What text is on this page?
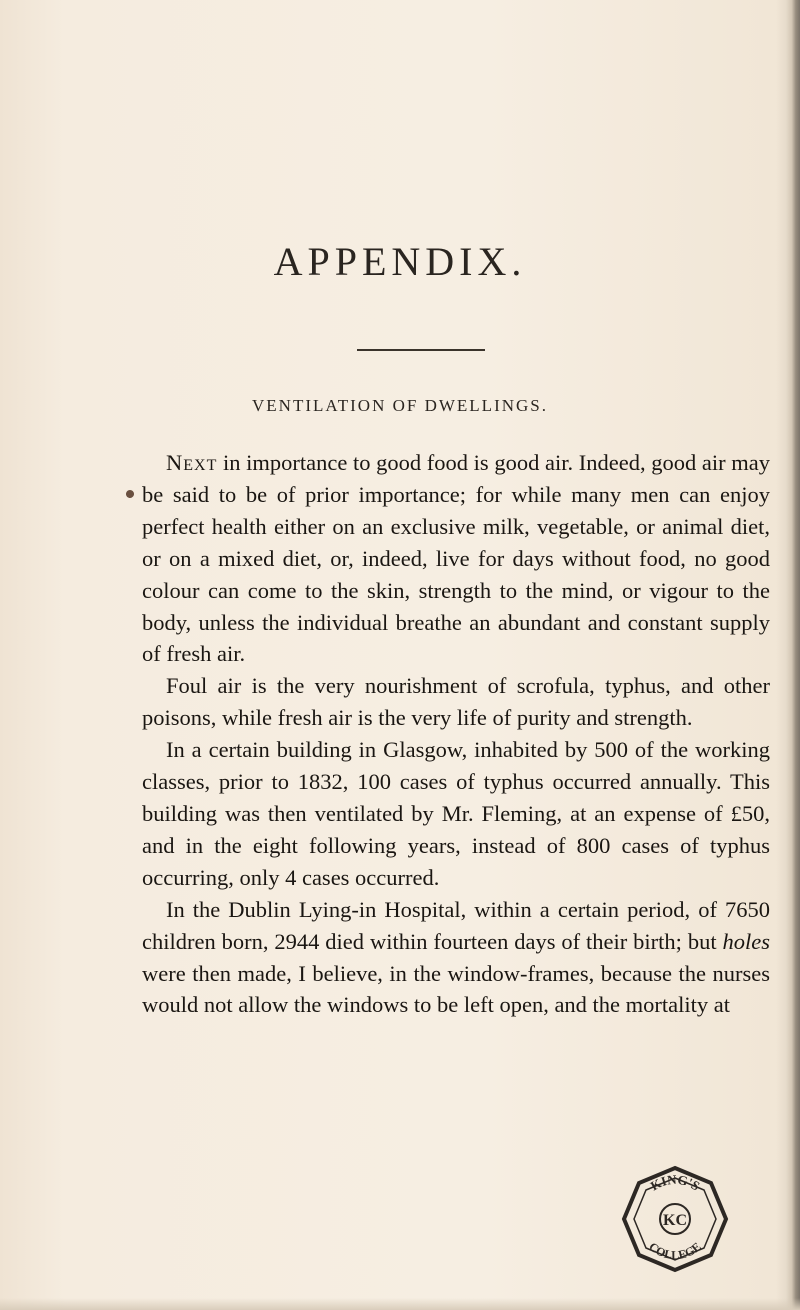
APPENDIX.
VENTILATION OF DWELLINGS.

Next in importance to good food is good air. Indeed, good air may be said to be of prior importance; for while many men can enjoy perfect health either on an exclusive milk, vegetable, or animal diet, or on a mixed diet, or, indeed, live for days without food, no good colour can come to the skin, strength to the mind, or vigour to the body, unless the individual breathe an abundant and constant supply of fresh air.

Foul air is the very nourishment of scrofula, typhus, and other poisons, while fresh air is the very life of purity and strength.

In a certain building in Glasgow, inhabited by 500 of the working classes, prior to 1832, 100 cases of typhus occurred annually. This building was then ventilated by Mr. Fleming, at an expense of £50, and in the eight following years, instead of 800 cases of typhus occurring, only 4 cases occurred.

In the Dublin Lying-in Hospital, within a certain period, of 7650 children born, 2944 died within fourteen days of their birth; but holes were then made, I believe, in the window-frames, because the nurses would not allow the windows to be left open, and the mortality at

KING'S
COLLEGE
KC
